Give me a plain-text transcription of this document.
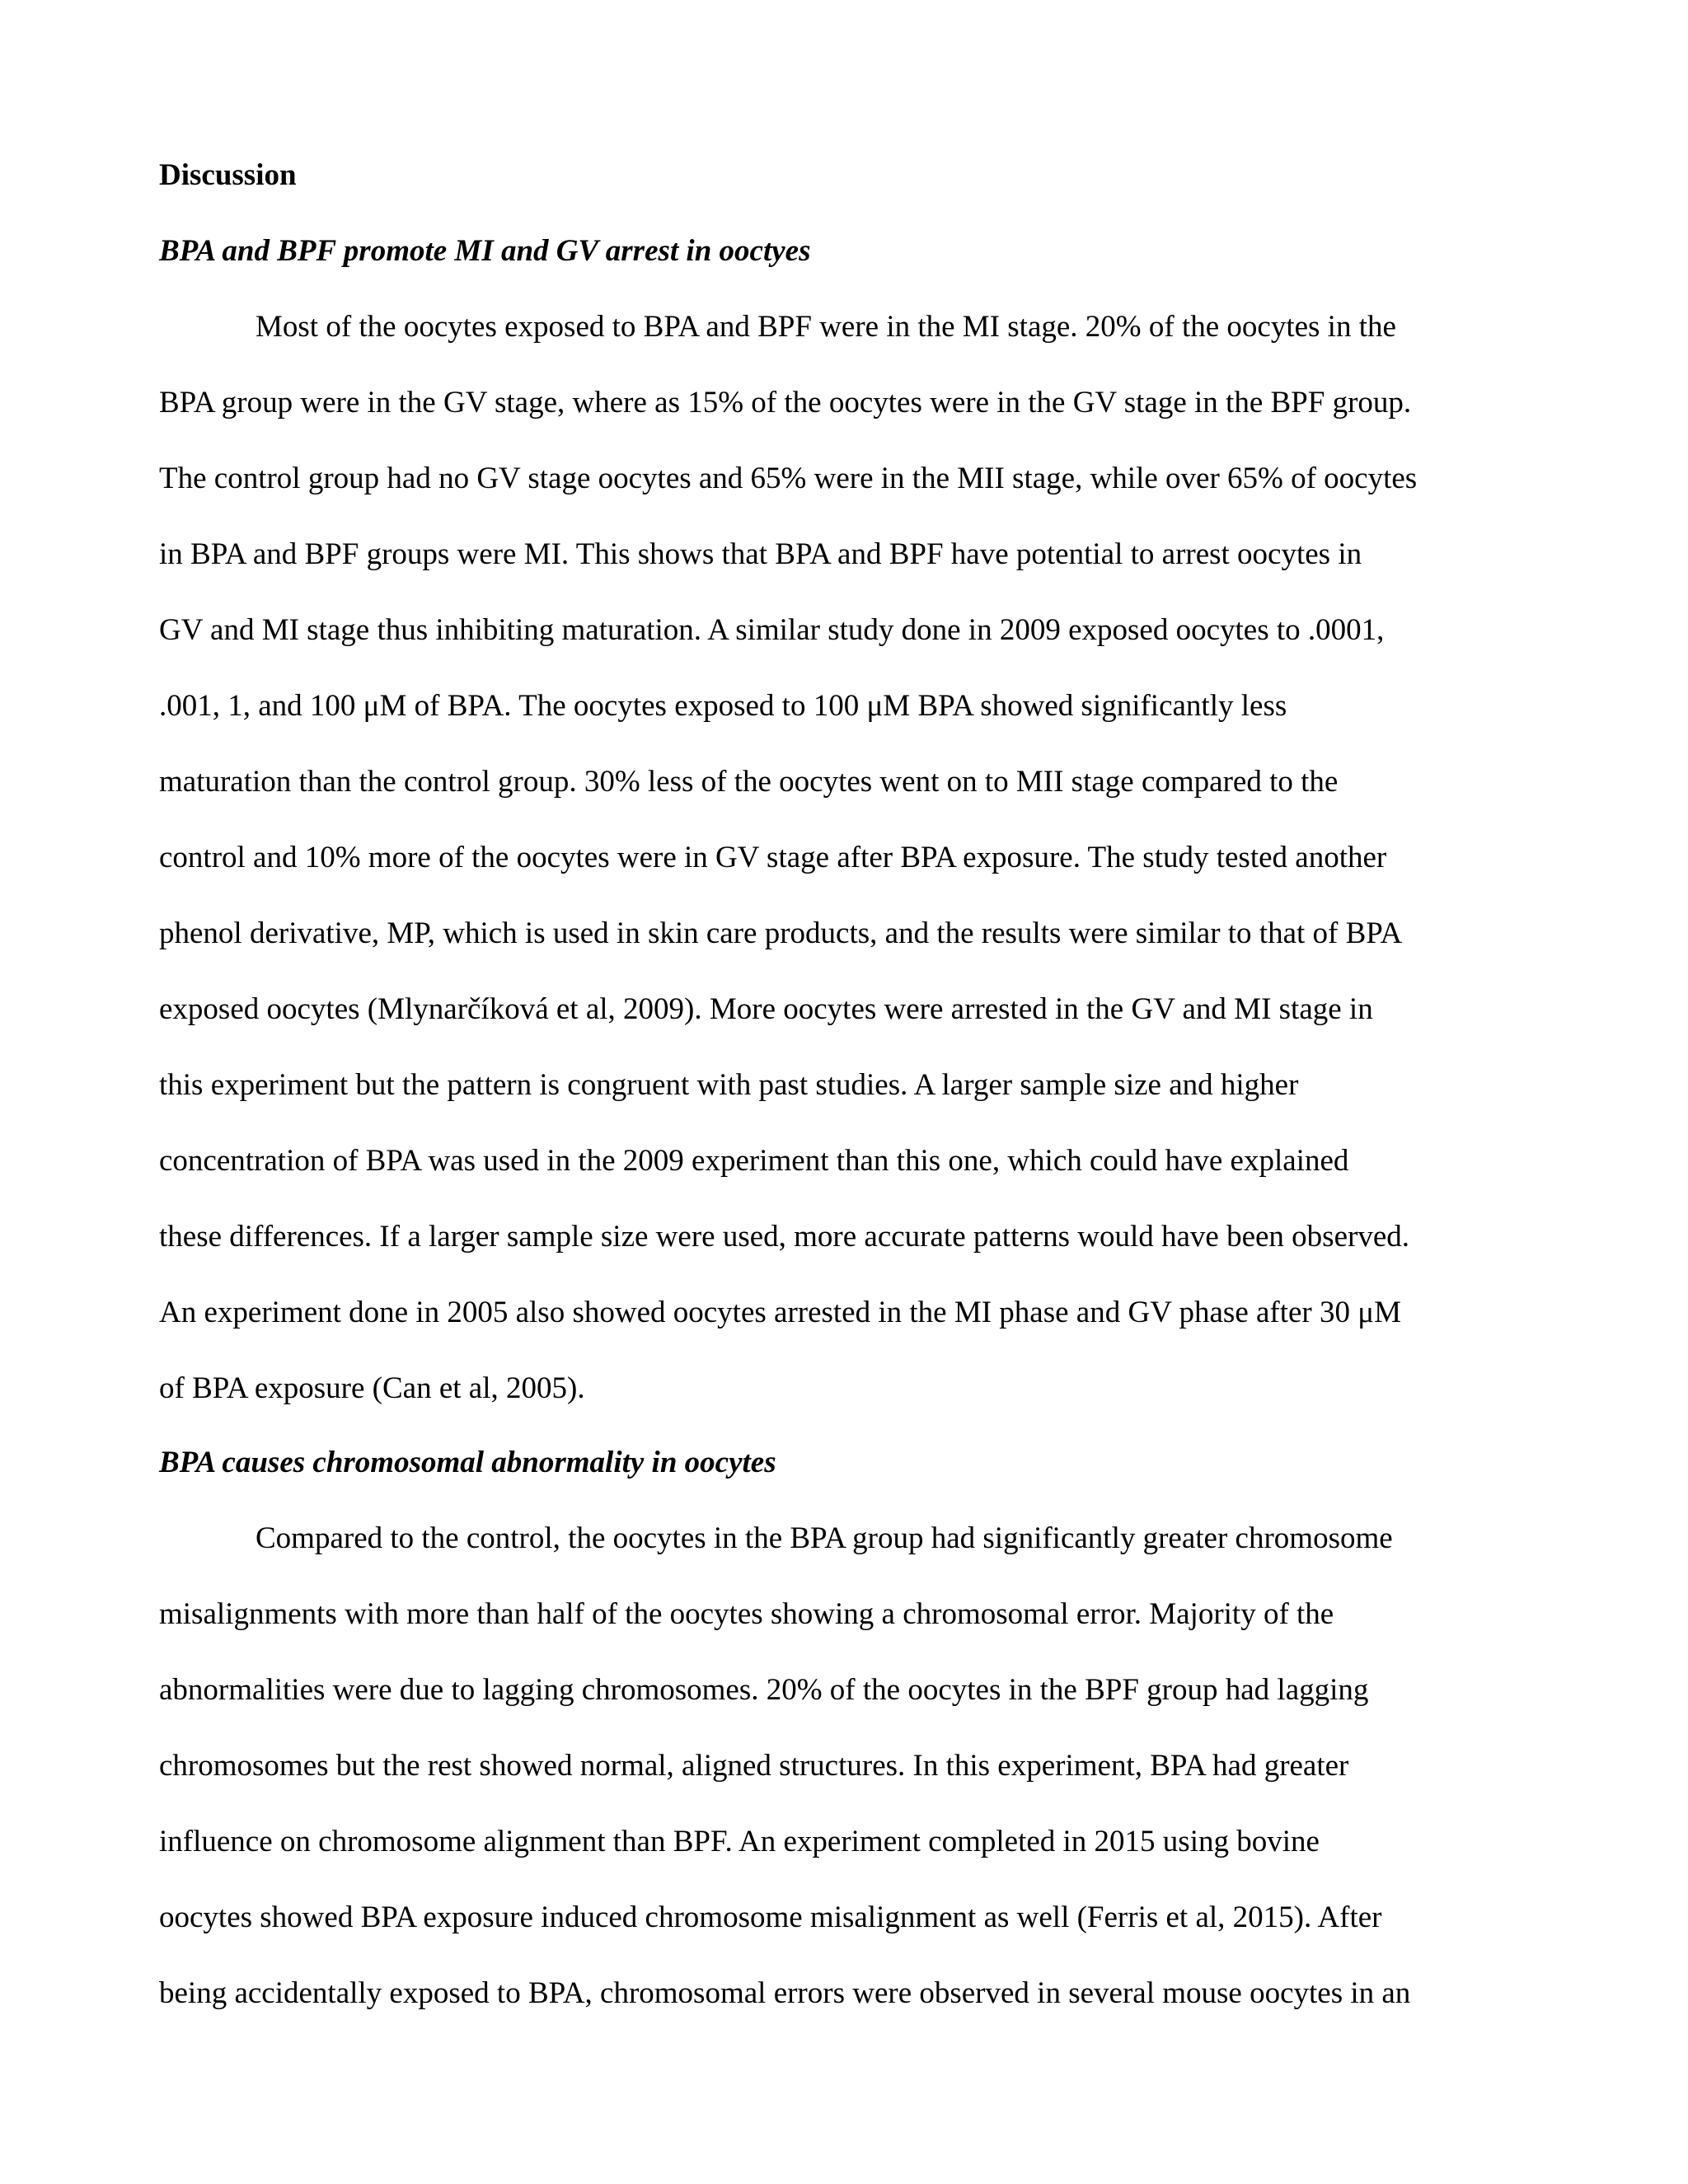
Discussion
BPA and BPF promote MI and GV arrest in ooctyes
Most of the oocytes exposed to BPA and BPF were in the MI stage. 20% of the oocytes in the
BPA group were in the GV stage, where as 15% of the oocytes were in the GV stage in the BPF group.
The control group had no GV stage oocytes and 65% were in the MII stage, while over 65% of oocytes
in BPA and BPF groups were MI. This shows that BPA and BPF have potential to arrest oocytes in
GV and MI stage thus inhibiting maturation. A similar study done in 2009 exposed oocytes to .0001,
.001, 1, and 100 μM of BPA. The oocytes exposed to 100 μM BPA showed significantly less
maturation than the control group. 30% less of the oocytes went on to MII stage compared to the
control and 10% more of the oocytes were in GV stage after BPA exposure. The study tested another
phenol derivative, MP, which is used in skin care products, and the results were similar to that of BPA
exposed oocytes (Mlynarčíková et al, 2009). More oocytes were arrested in the GV and MI stage in
this experiment but the pattern is congruent with past studies. A larger sample size and higher
concentration of BPA was used in the 2009 experiment than this one, which could have explained
these differences. If a larger sample size were used, more accurate patterns would have been observed.
An experiment done in 2005 also showed oocytes arrested in the MI phase and GV phase after 30 μM
of BPA exposure (Can et al, 2005).
BPA causes chromosomal abnormality in oocytes
Compared to the control, the oocytes in the BPA group had significantly greater chromosome
misalignments with more than half of the oocytes showing a chromosomal error. Majority of the
abnormalities were due to lagging chromosomes. 20% of the oocytes in the BPF group had lagging
chromosomes but the rest showed normal, aligned structures. In this experiment, BPA had greater
influence on chromosome alignment than BPF. An experiment completed in 2015 using bovine
oocytes showed BPA exposure induced chromosome misalignment as well (Ferris et al, 2015). After
being accidentally exposed to BPA, chromosomal errors were observed in several mouse oocytes in an
